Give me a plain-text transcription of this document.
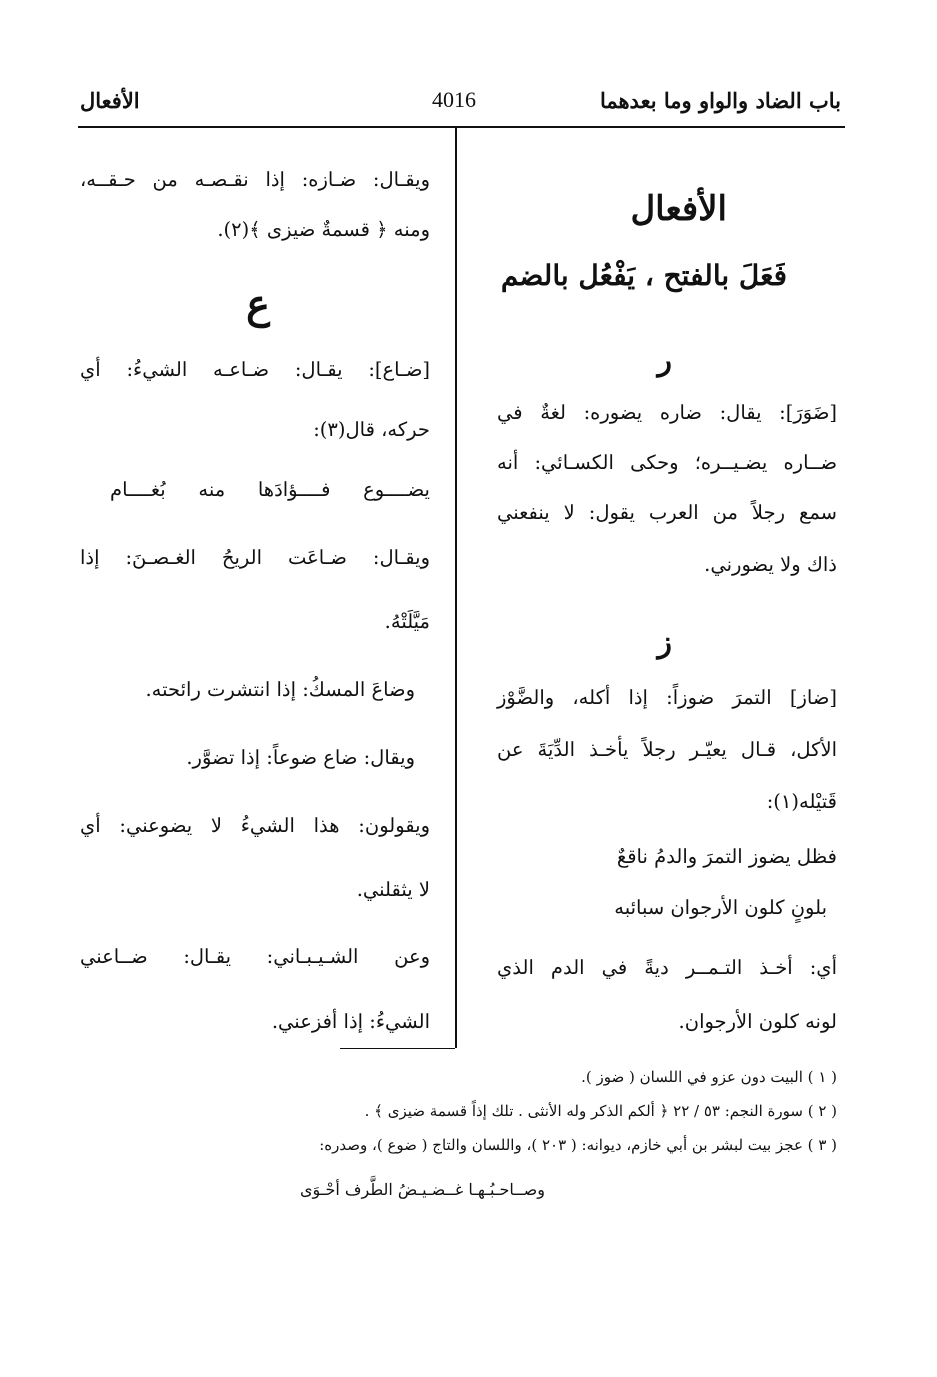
باب الضاد والواو وما بعدهما
4016
الأفعال
الأفعال
فَعَلَ بالفتح ، يَفْعُل بالضم
ر
[ضَوَرَ]: يقال: ضاره يضوره: لغةٌ في
ضــاره يضـيــره؛ وحكى الكسـائي: أنه
سمع رجلاً من العرب يقول: لا ينفعني
ذاك ولا يضورني.
ز
[ضاز] التمرَ ضوزاً: إذا أكله، والضَّوْز
الأكل، قـال يعيّـر رجلاً يأخـذ الدِّيَةَ عن
قَتيْله(١):
فظل يضوز التمرَ والدمُ ناقعٌ
بلونٍ كلون الأرجوان سبائبه
أي: أخـذ التـمــر ديةً في الدم الذي
لونه كلون الأرجوان.
ويقـال: ضـازه: إذا نقـصـه من حـقــه،
ومنه ﴿ قسمةٌ ضيزى ﴾(٢).
ع
[ضـاع]: يقـال: ضـاعـه الشيءُ: أي
حركه، قال(٣):
يضــــوع فــــؤادَها منه بُغــــام
ويقـال: ضـاعَت الريحُ الغـصـنَ: إذا
مَيَّلَتْهُ.
وضاعَ المسكُ: إذا انتشرت رائحته.
ويقال: ضاع ضوعاً: إذا تضوَّر.
ويقولون: هذا الشيءُ لا يضوعني: أي
لا يثقلني.
وعن الشـيـبـاني: يقـال: ضــاعني
الشيءُ: إذا أفزعني.
( ١ ) البيت دون عزو في اللسان ( ضوز ).
( ٢ ) سورة النجم: ٥٣ / ٢٢ ﴿ ألكم الذكر وله الأنثى . تلك إذاً قسمة ضيزى ﴾ .
( ٣ ) عجز بيت لبشر بن أبي خازم، ديوانه: ( ٢٠٣ )، واللسان والتاج ( ضوع )، وصدره:
وصــاحـبُـهـا غــضـيـضُ الطَّرف أحْـوَى
